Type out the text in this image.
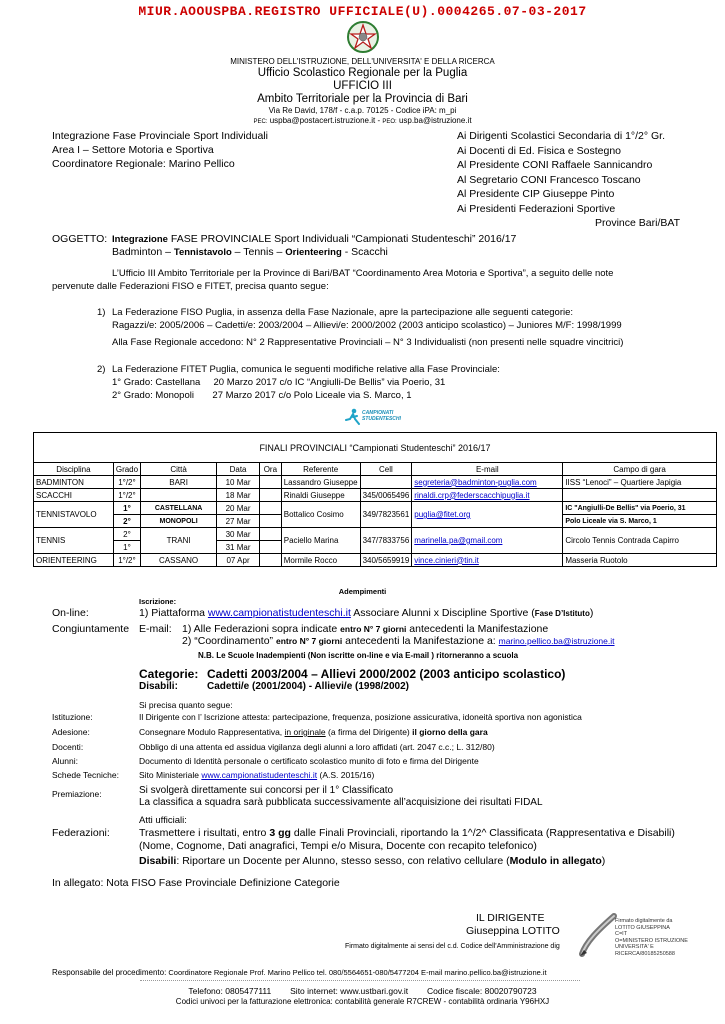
MIUR.AOOUSPBA.REGISTRO UFFICIALE(U).0004265.07-03-2017
MINISTERO DELL'ISTRUZIONE, DELL'UNIVERSITA' E DELLA RICERCA
Ufficio Scolastico Regionale per la Puglia
UFFICIO III
Ambito Territoriale per la Provincia di Bari
Via Re David, 178/f - c.a.p. 70125 - Codice iPA: m_pi
PEC: uspba@postacert.istruzione.it - PEO: usp.ba@istruzione.it
Integrazione Fase Provinciale Sport Individuali
Area I – Settore Motoria e Sportiva
Coordinatore Regionale: Marino Pellico
Ai Dirigenti Scolastici Secondaria di 1°/2° Gr.
Ai Docenti di Ed. Fisica e Sostegno
Al Presidente CONI Raffaele Sannicandro
Al Segretario CONI Francesco Toscano
Al Presidente CIP Giuseppe Pinto
Ai Presidenti Federazioni Sportive
Province Bari/BAT
OGGETTO: Integrazione FASE PROVINCIALE Sport Individuali “Campionati Studenteschi” 2016/17
Badminton – Tennistavolo – Tennis – Orienteering - Scacchi
L’Ufficio III Ambito Territoriale per la Province di Bari/BAT “Coordinamento Area Motoria e Sportiva”, a seguito delle note
pervenute dalle Federazioni FISO e FITET, precisa quanto segue:
1) La Federazione FISO Puglia, in assenza della Fase Nazionale, apre la partecipazione alle seguenti categorie:
Ragazzi/e: 2005/2006 – Cadetti/e: 2003/2004 – Allievi/e: 2000/2002 (2003 anticipo scolastico) – Juniores M/F: 1998/1999
Alla Fase Regionale accedono: N° 2 Rappresentative Provinciali – N° 3 Individualisti (non presenti nelle squadre vincitrici)
2) La Federazione FITET Puglia, comunica le seguenti modifiche relative alla Fase Provinciale:
1° Grado: Castellana     20 Marzo 2017 c/o IC “Angiulli-De Bellis” via Poerio, 31
2° Grado: Monopoli       27 Marzo 2017 c/o Polo Liceale via S. Marco, 1
CAMPIONATI
STUDENTESCHI
FINALI PROVINCIALI “Campionati Studenteschi” 2016/17								
Disciplina	Grado	Città	Data	Ora	Referente	Cell	E-mail	Campo di gara
BADMINTON	1°/2°	BARI	10 Mar		Lassandro Giuseppe		segreteria@badminton-puglia.com	IISS “Lenoci” – Quartiere Japigia
SCACCHI	1°/2°		18 Mar		Rinaldi Giuseppe	345/0065496	rinaldi.crp@federscacchipuglia.it	
TENNISTAVOLO	1°	CASTELLANA	20 Mar		Bottalico Cosimo	349/7823561	puglia@fitet.org	IC "Angiulli-De Bellis" via Poerio, 31
	2°	MONOPOLI	27 Mar					Polo Liceale via S. Marco, 1
TENNIS	2°	TRANI	30 Mar		Paciello Marina	347/7833756	marinella.pa@gmail.com	Circolo Tennis Contrada Capirro
	1°		31 Mar					
ORIENTEERING	1°/2°	CASSANO	07 Apr		Mormile Rocco	340/5659919	vince.cinieri@tin.it	Masseria Ruotolo
Adempimenti
Iscrizione:
On-line:	1) Piattaforma www.campionatistudenteschi.it Associare Alunni x Discipline Sportive (Fase D’Istituto)
Congiuntamente E-mail: 1) Alle Federazioni sopra indicate entro N° 7 giorni antecedenti la Manifestazione
2) “Coordinamento” entro N° 7 giorni antecedenti la Manifestazione a: marino.pellico.ba@istruzione.it
N.B. Le Scuole Inadempienti (Non iscritte on-line e via E-mail ) ritorneranno a scuola
Categorie: Cadetti 2003/2004 – Allievi 2000/2002 (2003 anticipo scolastico)
Disabili:	Cadetti/e (2001/2004) - Allievi/e (1998/2002)
Si precisa quanto segue:
Istituzione:	Il Dirigente con l’ Iscrizione attesta: partecipazione, frequenza, posizione assicurativa, idoneità sportiva non agonistica
Adesione:	Consegnare Modulo Rappresentativa, in originale (a firma del Dirigente) il giorno della gara
Docenti:	Obbligo di una attenta ed assidua vigilanza degli alunni a loro affidati (art. 2047 c.c.; L. 312/80)
Alunni:	Documento di Identità personale o certificato scolastico munito di foto e firma del Dirigente
Schede Tecniche: Sito Ministeriale www.campionatistudenteschi.it (A.S. 2015/16)
Premiazione:	Si svolgerà direttamente sui concorsi per il 1° Classificato
La classifica a squadra sarà pubblicata successivamente all’acquisizione dei risultati FIDAL
Atti ufficiali:
Federazioni:	Trasmettere i risultati, entro 3 gg dalle Finali Provinciali, riportando la 1^/2^ Classificata (Rappresentativa e Disabili)
(Nome, Cognome, Dati anagrafici, Tempi e/o Misura, Docente con recapito telefonico)
Disabili: Riportare un Docente per Alunno, stesso sesso, con relativo cellulare (Modulo in allegato)
In allegato: Nota FISO Fase Provinciale Definizione Categorie
IL DIRIGENTE
Giuseppina LOTITO
Firmato digitalmente ai sensi del c.d. Codice dell’Amministrazione dig
Firmato digitalmente da
LOTITO GIUSEPPINA
C=IT
O=MINISTERO ISTRUZIONE
UNIVERSITA' E
RICERCA/80185250588
Responsabile del procedimento: Coordinatore Regionale Prof. Marino Pellico tel. 080/5564651-080/5477204 E-mail marino.pellico.ba@istruzione.it
Telefono: 0805477111        Sito internet: www.ustbari.gov.it        Codice fiscale: 80020790723
Codici univoci per la fatturazione elettronica: contabilità generale R7CREW - contabilità ordinaria Y96HXJ
